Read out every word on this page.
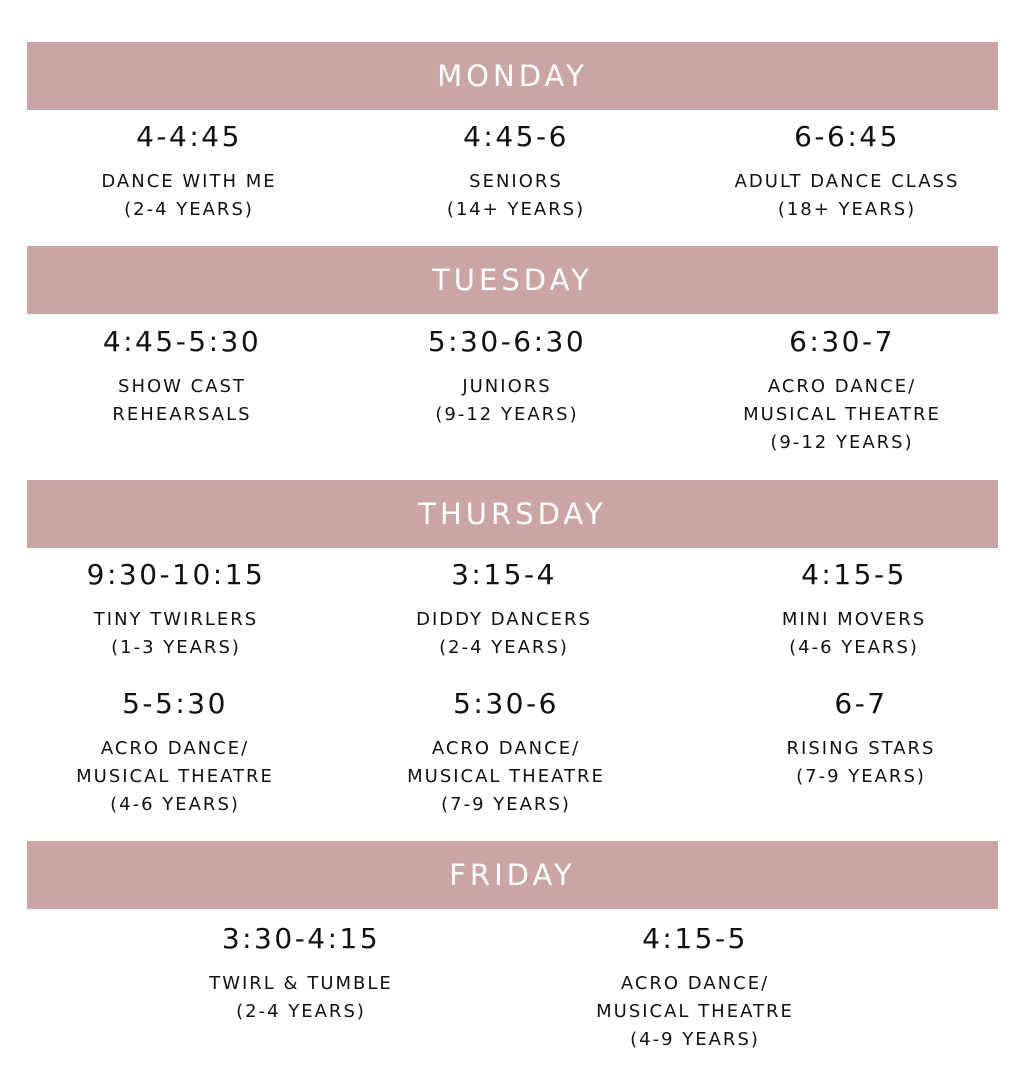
MONDAY
4-4:45
DANCE WITH ME
(2-4 YEARS)
4:45-6
SENIORS
(14+ YEARS)
6-6:45
ADULT DANCE CLASS
(18+ YEARS)
TUESDAY
4:45-5:30
SHOW CAST
REHEARSALS
5:30-6:30
JUNIORS
(9-12 YEARS)
6:30-7
ACRO DANCE/
MUSICAL THEATRE
(9-12 YEARS)
THURSDAY
9:30-10:15
TINY TWIRLERS
(1-3 YEARS)
3:15-4
DIDDY DANCERS
(2-4 YEARS)
4:15-5
MINI MOVERS
(4-6 YEARS)
5-5:30
ACRO DANCE/
MUSICAL THEATRE
(4-6 YEARS)
5:30-6
ACRO DANCE/
MUSICAL THEATRE
(7-9 YEARS)
6-7
RISING STARS
(7-9 YEARS)
FRIDAY
3:30-4:15
TWIRL & TUMBLE
(2-4 YEARS)
4:15-5
ACRO DANCE/
MUSICAL THEATRE
(4-9 YEARS)
